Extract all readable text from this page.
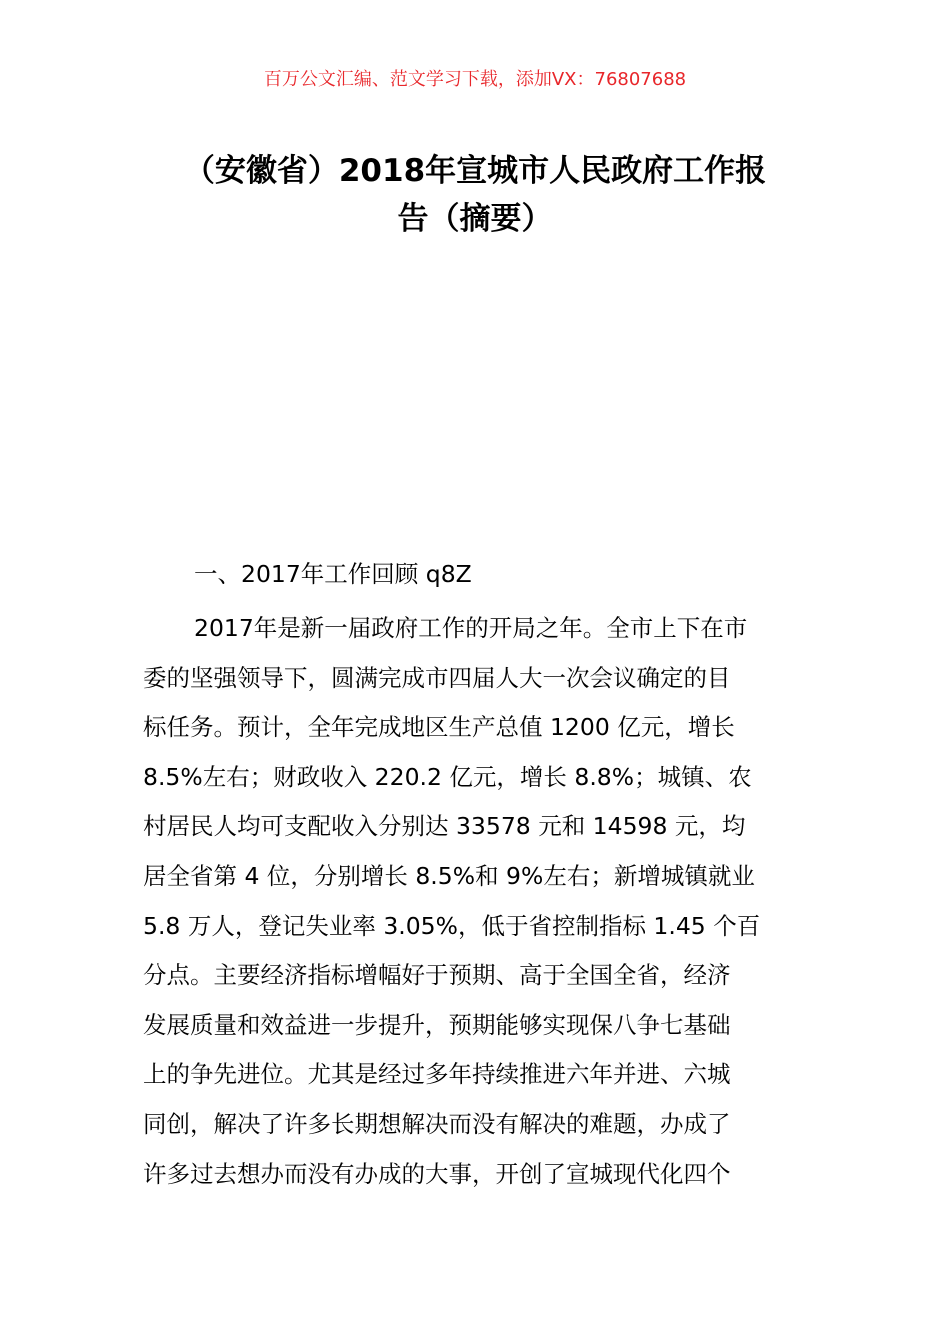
百万公文汇编、范文学习下载，添加VX：76807688
（安徽省）2018年宣城市人民政府工作报
告（摘要）
一、2017年工作回顾 q8Z
2017年是新一届政府工作的开局之年。全市上下在市
委的坚强领导下，圆满完成市四届人大一次会议确定的目
标任务。预计，全年完成地区生产总值 1200 亿元，增长
8.5%左右；财政收入 220.2 亿元，增长 8.8%；城镇、农
村居民人均可支配收入分别达 33578 元和 14598 元，均
居全省第 4 位，分别增长 8.5%和 9%左右；新增城镇就业
5.8 万人，登记失业率 3.05%，低于省控制指标 1.45 个百
分点。主要经济指标增幅好于预期、高于全国全省，经济
发展质量和效益进一步提升，预期能够实现保八争七基础
上的争先进位。尤其是经过多年持续推进六年并进、六城
同创，解决了许多长期想解决而没有解决的难题，办成了
许多过去想办而没有办成的大事，开创了宣城现代化四个
